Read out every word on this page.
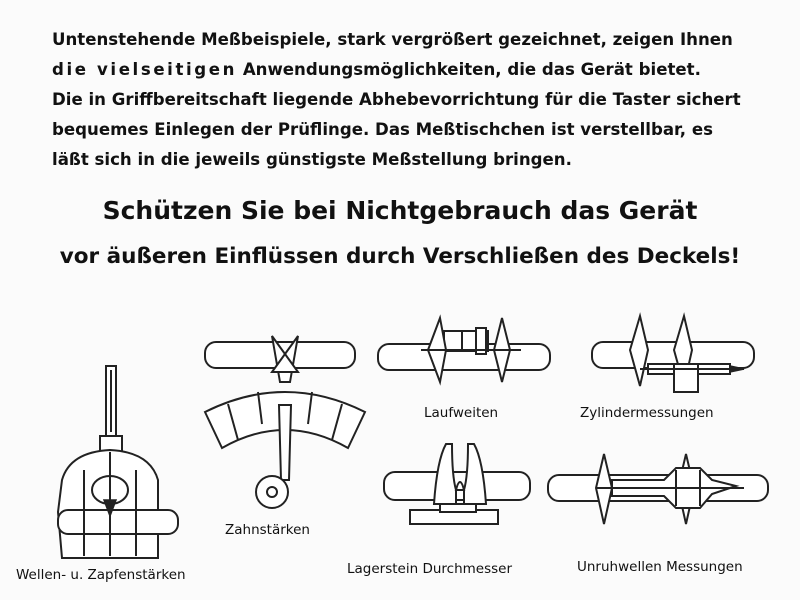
Untenstehende Meßbeispiele, stark vergrößert gezeichnet, zeigen Ihnen
die vielseitigen Anwendungsmöglichkeiten, die das Gerät bietet.
Die in Griffbereitschaft liegende Abhebevorrichtung für die Taster sichert
bequemes Einlegen der Prüflinge. Das Meßtischchen ist verstellbar, es
läßt sich in die jeweils günstigste Meßstellung bringen.
Schützen Sie bei Nichtgebrauch das Gerät
vor äußeren Einflüssen durch Verschließen des Deckels!
Wellen- u. Zapfenstärken
Zahnstärken
Laufweiten	Zylindermessungen
Lagerstein Durchmesser	Unruhwellen Messungen
